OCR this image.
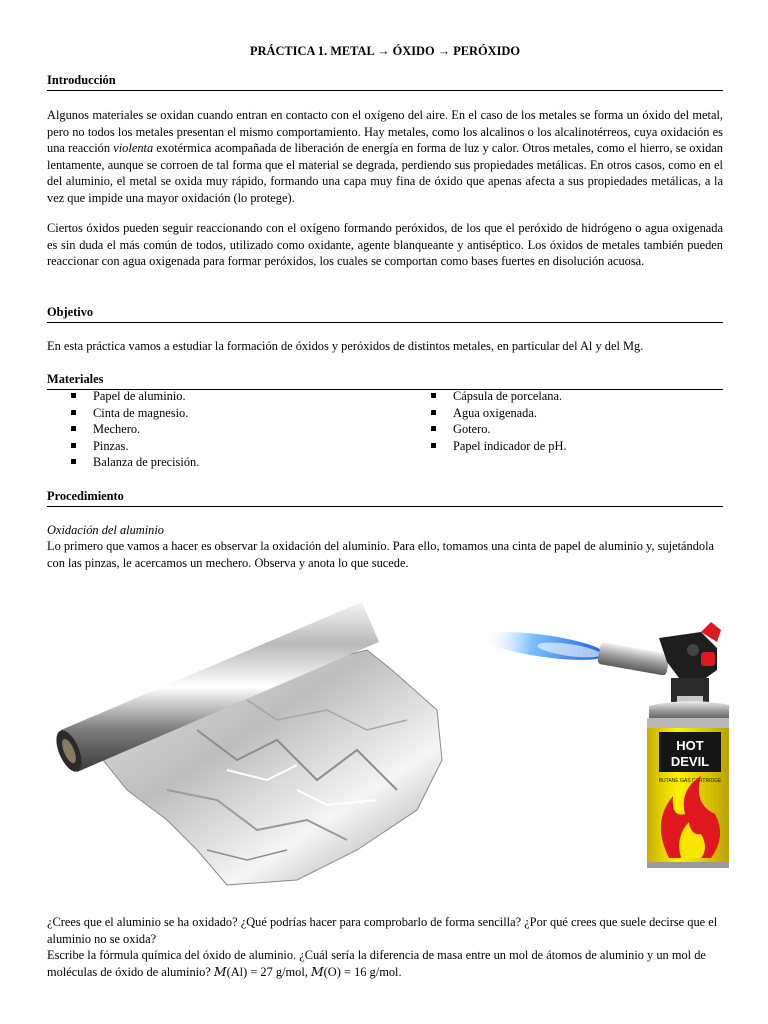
PRÁCTICA 1. METAL → ÓXIDO → PERÓXIDO
Introducción
Algunos materiales se oxidan cuando entran en contacto con el oxígeno del aire. En el caso de los metales se forma un óxido del metal, pero no todos los metales presentan el mismo comportamiento. Hay metales, como los alcalinos o los alcalinotérreos, cuya oxidación es una reacción violenta exotérmica acompañada de liberación de energía en forma de luz y calor. Otros metales, como el hierro, se oxidan lentamente, aunque se corroen de tal forma que el material se degrada, perdiendo sus propiedades metálicas. En otros casos, como en el del aluminio, el metal se oxida muy rápido, formando una capa muy fina de óxido que apenas afecta a sus propiedades metálicas, a la vez que impide una mayor oxidación (lo protege).
Ciertos óxidos pueden seguir reaccionando con el oxígeno formando peróxidos, de los que el peróxido de hidrógeno o agua oxigenada es sin duda el más común de todos, utilizado como oxidante, agente blanqueante y antiséptico. Los óxidos de metales también pueden reaccionar con agua oxigenada para formar peróxidos, los cuales se comportan como bases fuertes en disolución acuosa.
Objetivo
En esta práctica vamos a estudiar la formación de óxidos y peróxidos de distintos metales, en particular del Al y del Mg.
Materiales
Papel de aluminio.
Cinta de magnesio.
Mechero.
Pinzas.
Balanza de precisión.
Cápsula de porcelana.
Agua oxigenada.
Gotero.
Papel indicador de pH.
Procedimiento
Oxidación del aluminio
Lo primero que vamos a hacer es observar la oxidación del aluminio. Para ello, tomamos una cinta de papel de aluminio y, sujetándola con las pinzas, le acercamos un mechero. Observa y anota lo que sucede.
HOT
DEVIL
BUTANE GAS CARTRIDGE
¿Crees que el aluminio se ha oxidado? ¿Qué podrías hacer para comprobarlo de forma sencilla? ¿Por qué crees que suele decirse que el aluminio no se oxida?
Escribe la fórmula química del óxido de aluminio. ¿Cuál sería la diferencia de masa entre un mol de átomos de aluminio y un mol de moléculas de óxido de aluminio? 𝑀(Al) = 27 g/mol, 𝑀(O) = 16 g/mol.
